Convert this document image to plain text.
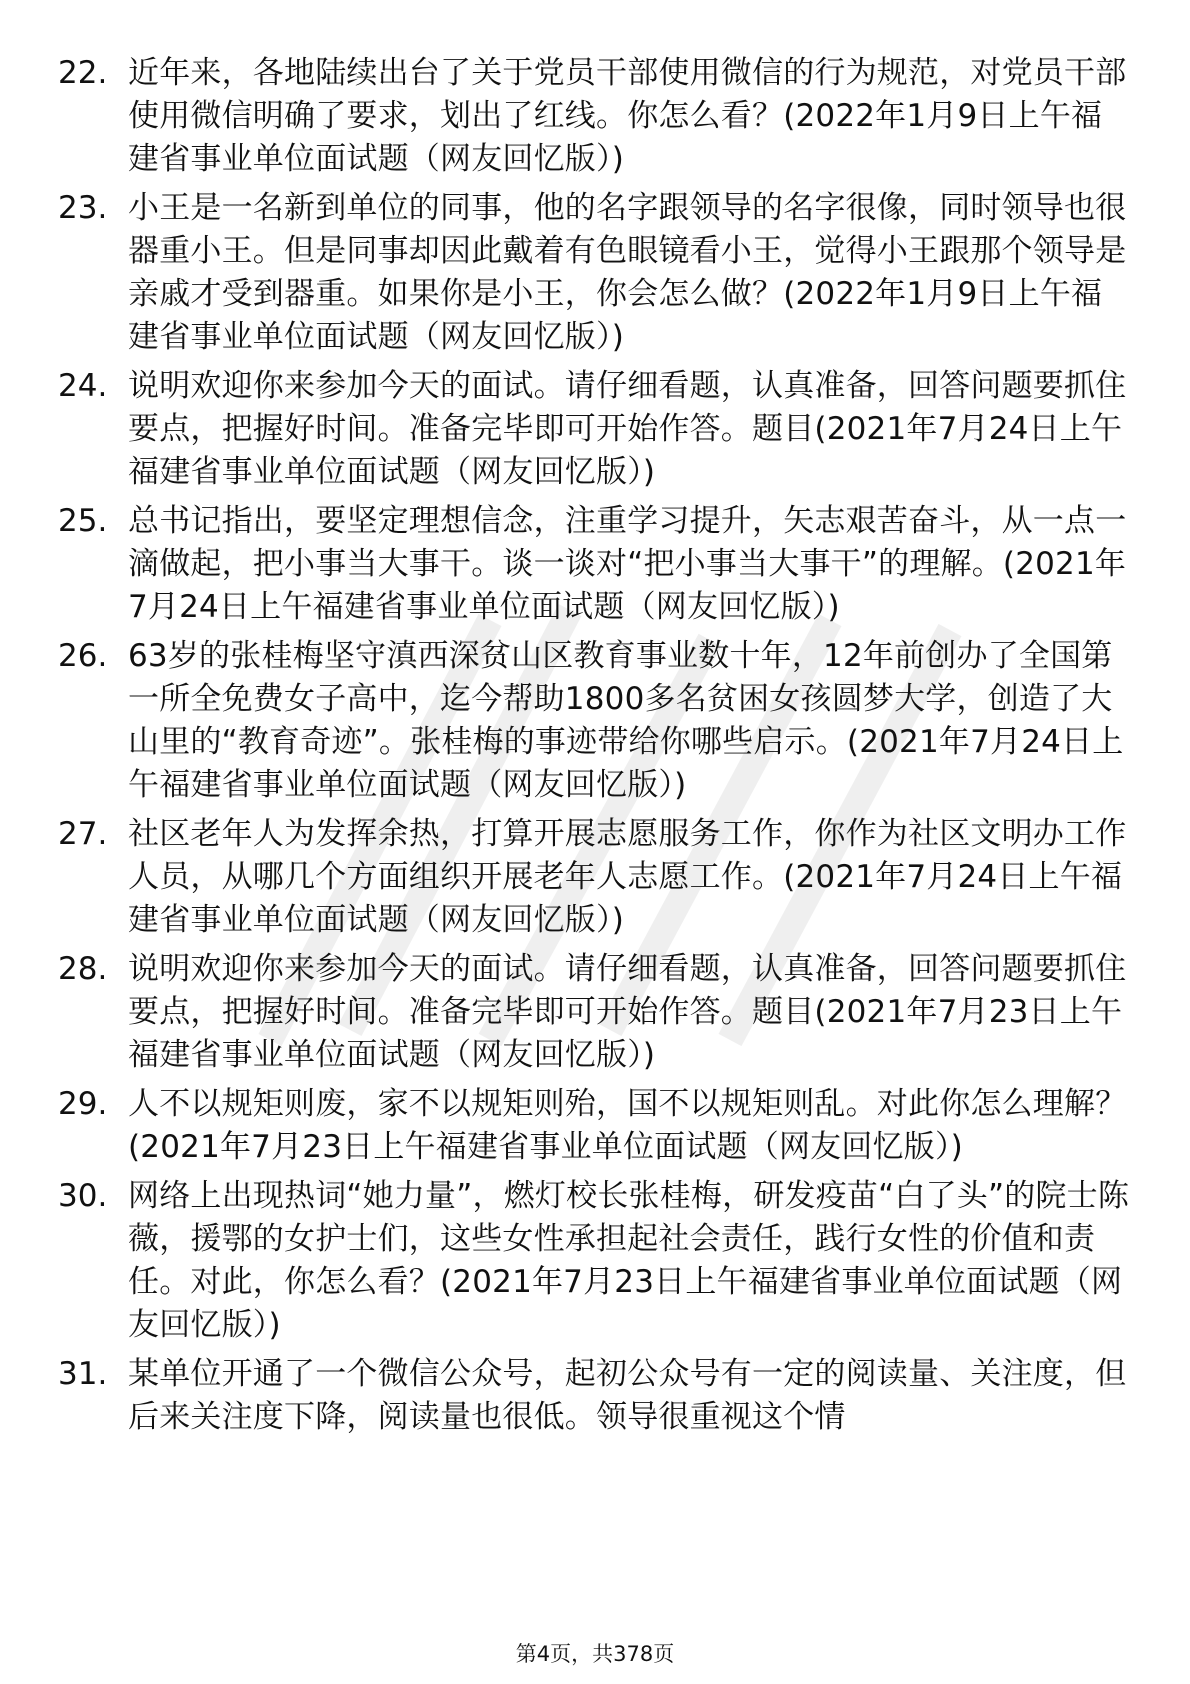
22. 近年来，各地陆续出台了关于党员干部使用微信的行为规范，对党员干部使用微信明确了要求，划出了红线。你怎么看？(2022年1月9日上午福建省事业单位面试题（网友回忆版）)
23. 小王是一名新到单位的同事，他的名字跟领导的名字很像，同时领导也很器重小王。但是同事却因此戴着有色眼镜看小王，觉得小王跟那个领导是亲戚才受到器重。如果你是小王，你会怎么做？(2022年1月9日上午福建省事业单位面试题（网友回忆版）)
24. 说明欢迎你来参加今天的面试。请仔细看题，认真准备，回答问题要抓住要点，把握好时间。准备完毕即可开始作答。题目(2021年7月24日上午福建省事业单位面试题（网友回忆版）)
25. 总书记指出，要坚定理想信念，注重学习提升，矢志艰苦奋斗，从一点一滴做起，把小事当大事干。谈一谈对“把小事当大事干”的理解。(2021年7月24日上午福建省事业单位面试题（网友回忆版）)
26. 63岁的张桂梅坚守滇西深贫山区教育事业数十年，12年前创办了全国第一所全免费女子高中，迄今帮助1800多名贫困女孩圆梦大学，创造了大山里的“教育奇迹”。张桂梅的事迹带给你哪些启示。(2021年7月24日上午福建省事业单位面试题（网友回忆版）)
27. 社区老年人为发挥余热，打算开展志愿服务工作，你作为社区文明办工作人员，从哪几个方面组织开展老年人志愿工作。(2021年7月24日上午福建省事业单位面试题（网友回忆版）)
28. 说明欢迎你来参加今天的面试。请仔细看题，认真准备，回答问题要抓住要点，把握好时间。准备完毕即可开始作答。题目(2021年7月23日上午福建省事业单位面试题（网友回忆版）)
29. 人不以规矩则废，家不以规矩则殆，国不以规矩则乱。对此你怎么理解？(2021年7月23日上午福建省事业单位面试题（网友回忆版）)
30. 网络上出现热词“她力量”，燃灯校长张桂梅，研发疫苗“白了头”的院士陈薇，援鄂的女护士们，这些女性承担起社会责任，践行女性的价值和责任。对此，你怎么看？(2021年7月23日上午福建省事业单位面试题（网友回忆版）)
31. 某单位开通了一个微信公众号，起初公众号有一定的阅读量、关注度，但后来关注度下降，阅读量也很低。领导很重视这个情
第4页，共378页
